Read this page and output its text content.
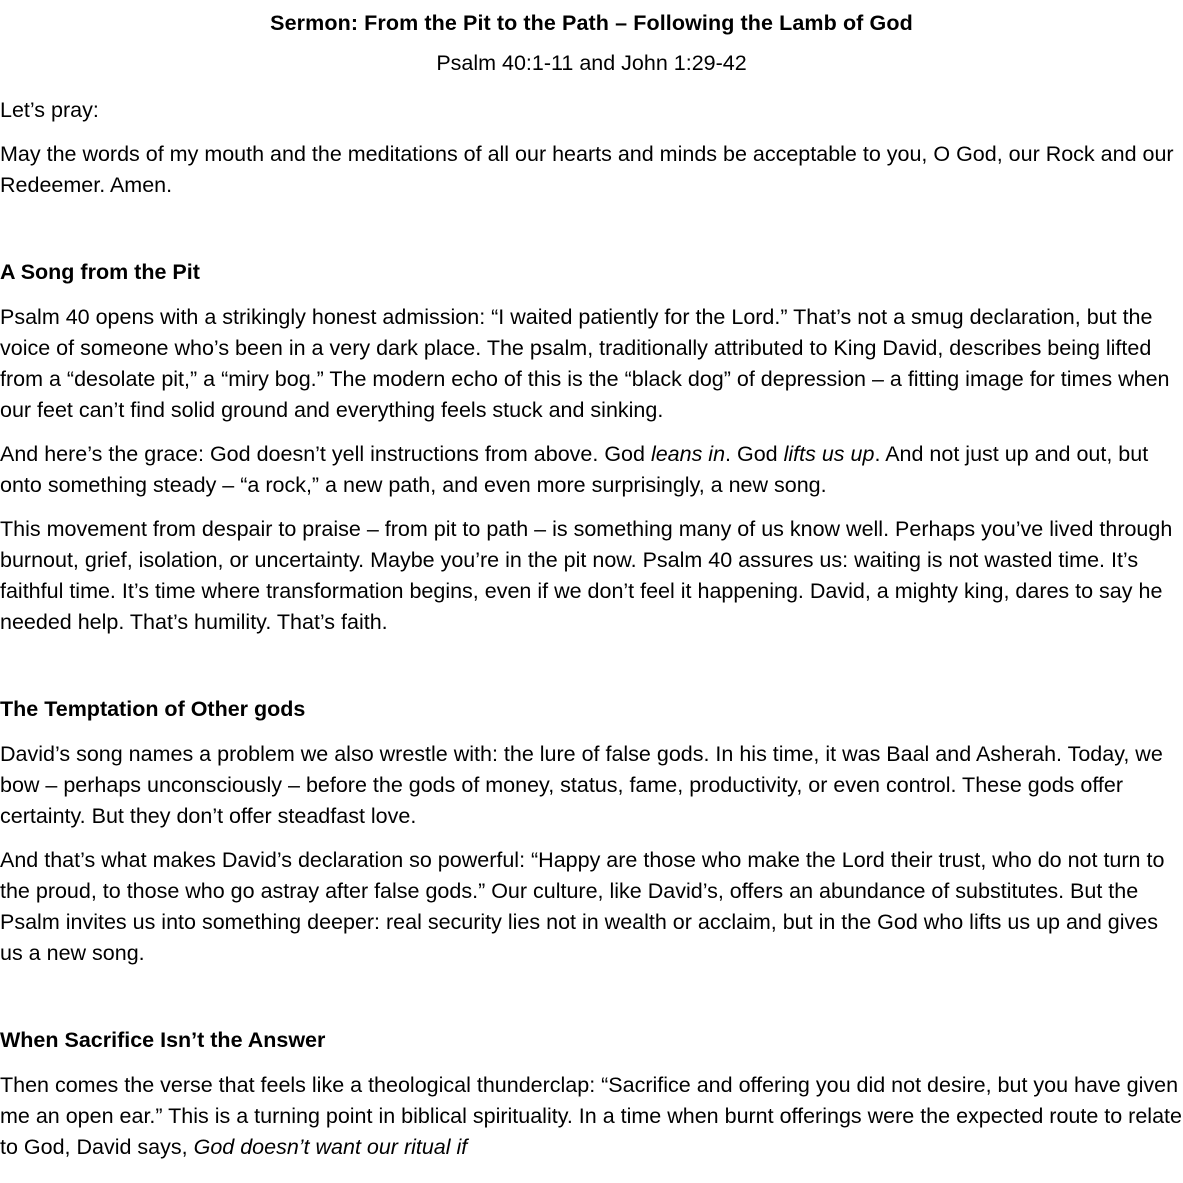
Sermon: From the Pit to the Path – Following the Lamb of God
Psalm 40:1-11 and John 1:29-42
Let’s pray:
May the words of my mouth and the meditations of all our hearts and minds be acceptable to you, O God, our Rock and our Redeemer. Amen.
A Song from the Pit

Psalm 40 opens with a strikingly honest admission: “I waited patiently for the Lord.” That’s not a smug declaration, but the voice of someone who’s been in a very dark place. The psalm, traditionally attributed to King David, describes being lifted from a “desolate pit,” a “miry bog.” The modern echo of this is the “black dog” of depression – a fitting image for times when our feet can’t find solid ground and everything feels stuck and sinking.

And here’s the grace: God doesn’t yell instructions from above. God leans in. God lifts us up. And not just up and out, but onto something steady – “a rock,” a new path, and even more surprisingly, a new song.

This movement from despair to praise – from pit to path – is something many of us know well. Perhaps you’ve lived through burnout, grief, isolation, or uncertainty. Maybe you’re in the pit now. Psalm 40 assures us: waiting is not wasted time. It’s faithful time. It’s time where transformation begins, even if we don’t feel it happening. David, a mighty king, dares to say he needed help. That’s humility. That’s faith.

The Temptation of Other gods

David’s song names a problem we also wrestle with: the lure of false gods. In his time, it was Baal and Asherah. Today, we bow – perhaps unconsciously – before the gods of money, status, fame, productivity, or even control. These gods offer certainty. But they don’t offer steadfast love.

And that’s what makes David’s declaration so powerful: “Happy are those who make the Lord their trust, who do not turn to the proud, to those who go astray after false gods.” Our culture, like David’s, offers an abundance of substitutes. But the Psalm invites us into something deeper: real security lies not in wealth or acclaim, but in the God who lifts us up and gives us a new song.

When Sacrifice Isn’t the Answer

Then comes the verse that feels like a theological thunderclap: “Sacrifice and offering you did not desire, but you have given me an open ear.” This is a turning point in biblical spirituality. In a time when burnt offerings were the expected route to relate to God, David says, God doesn’t want our ritual if
